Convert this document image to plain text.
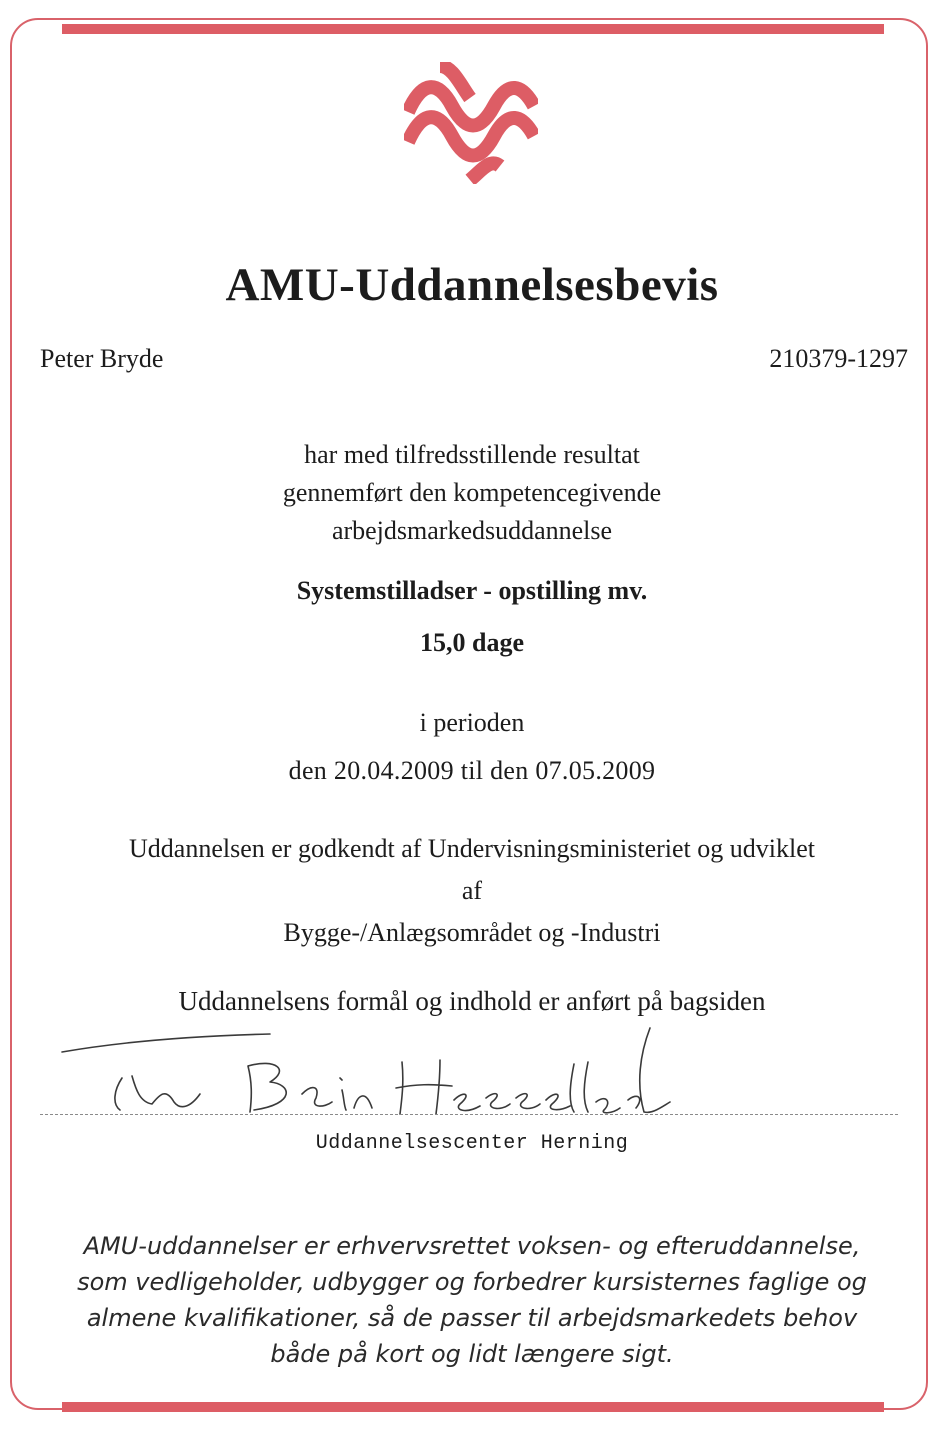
AMU-Uddannelsesbevis
Peter Bryde	210379-1297
har med tilfredsstillende resultat
gennemført den kompetencegivende
arbejdsmarkedsuddannelse
Systemstilladser - opstilling mv.
15,0 dage
i perioden
den 20.04.2009 til den 07.05.2009
Uddannelsen er godkendt af Undervisningsministeriet og udviklet
af
Bygge-/Anlægsområdet og -Industri
Uddannelsens formål og indhold er anført på bagsiden
Uddannelsescenter Herning
AMU-uddannelser er erhvervsrettet voksen- og efteruddannelse,
som vedligeholder, udbygger og forbedrer kursisternes faglige og
almene kvalifikationer, så de passer til arbejdsmarkedets behov
både på kort og lidt længere sigt.
